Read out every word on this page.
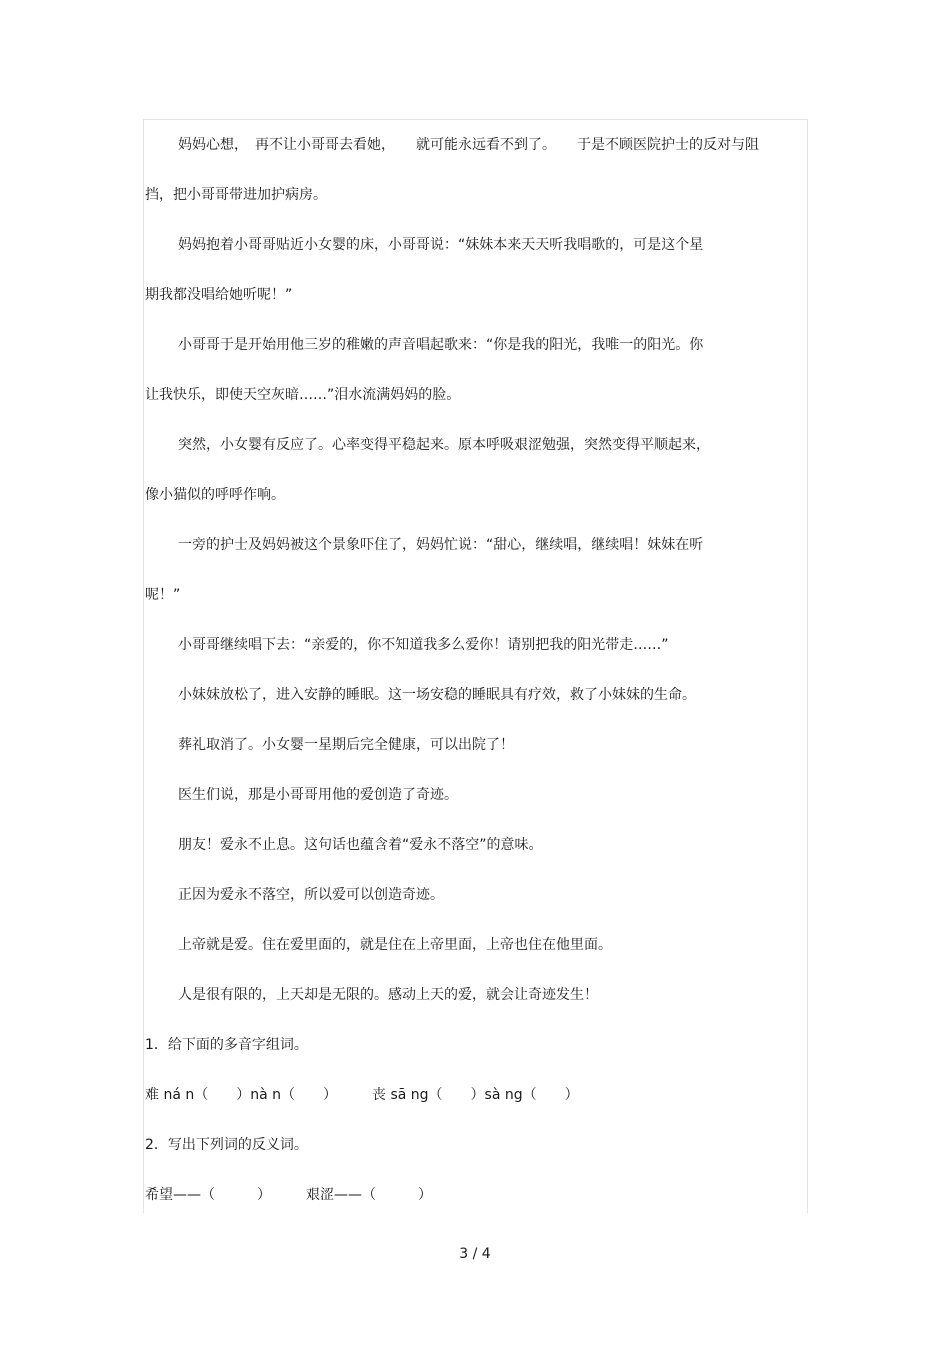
妈妈心想，　再不让小哥哥去看她，　　就可能永远看不到了。　　于是不顾医院护士的反对与阻
挡，把小哥哥带进加护病房。
妈妈抱着小哥哥贴近小女婴的床，小哥哥说：“妹妹本来天天听我唱歌的，可是这个星
期我都没唱给她听呢！”
小哥哥于是开始用他三岁的稚嫩的声音唱起歌来：“你是我的阳光，我唯一的阳光。你
让我快乐，即使天空灰暗……”泪水流满妈妈的脸。
突然，小女婴有反应了。心率变得平稳起来。原本呼吸艰涩勉强，突然变得平顺起来，
像小猫似的呼呼作响。
一旁的护士及妈妈被这个景象吓住了，妈妈忙说：“甜心，继续唱，继续唱！妹妹在听
呢！”
小哥哥继续唱下去：“亲爱的，你不知道我多么爱你！请别把我的阳光带走……”
小妹妹放松了，进入安静的睡眠。这一场安稳的睡眠具有疗效，救了小妹妹的生命。
葬礼取消了。小女婴一星期后完全健康，可以出院了！
医生们说，那是小哥哥用他的爱创造了奇迹。
朋友！爱永不止息。这句话也蕴含着“爱永不落空”的意味。
正因为爱永不落空，所以爱可以创造奇迹。
上帝就是爱。住在爱里面的，就是住在上帝里面，上帝也住在他里面。
人是很有限的，上天却是无限的。感动上天的爱，就会让奇迹发生！
1．给下面的多音字组词。
难 ná n（　　）nà n（　　）　　　丧 sā ng（　　）sà ng（　　）
2．写出下列词的反义词。
希望——（　　　）　　　艰涩——（　　　）
3 / 4
